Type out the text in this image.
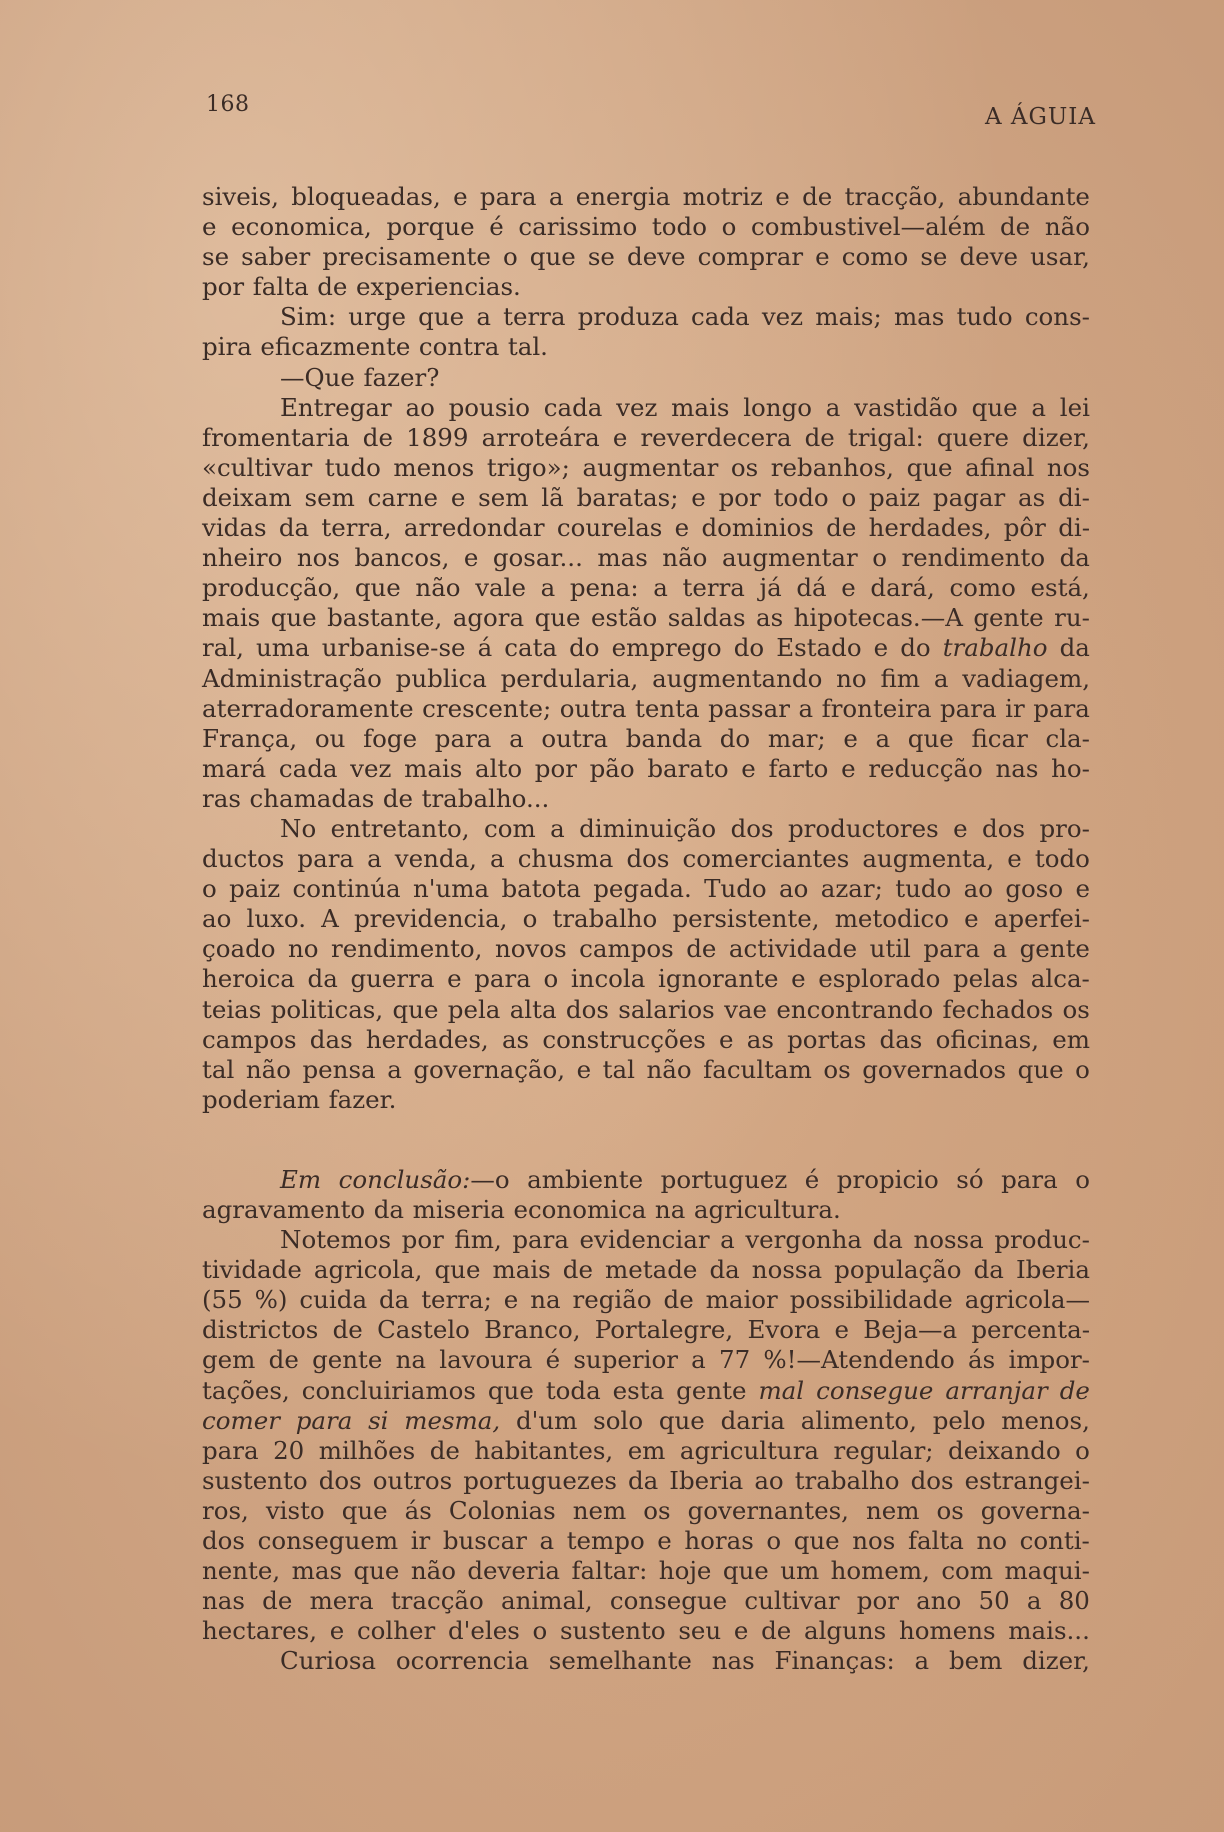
168	A ÁGUIA
siveis, bloqueadas, e para a energia motriz e de tracção, abundante
e economica, porque é carissimo todo o combustivel—além de não
se saber precisamente o que se deve comprar e como se deve usar,
por falta de experiencias.
Sim: urge que a terra produza cada vez mais; mas tudo cons-
pira eficazmente contra tal.
—Que fazer?
Entregar ao pousio cada vez mais longo a vastidão que a lei
fromentaria de 1899 arroteára e reverdecera de trigal: quere dizer,
«cultivar tudo menos trigo»; augmentar os rebanhos, que afinal nos
deixam sem carne e sem lã baratas; e por todo o paiz pagar as di-
vidas da terra, arredondar courelas e dominios de herdades, pôr di-
nheiro nos bancos, e gosar... mas não augmentar o rendimento da
producção, que não vale a pena: a terra já dá e dará, como está,
mais que bastante, agora que estão saldas as hipotecas.—A gente ru-
ral, uma urbanise-se á cata do emprego do Estado e do trabalho da
Administração publica perdularia, augmentando no fim a vadiagem,
aterradoramente crescente; outra tenta passar a fronteira para ir para
França, ou foge para a outra banda do mar; e a que ficar cla-
mará cada vez mais alto por pão barato e farto e reducção nas ho-
ras chamadas de trabalho...
No entretanto, com a diminuição dos productores e dos pro-
ductos para a venda, a chusma dos comerciantes augmenta, e todo
o paiz continúa n'uma batota pegada. Tudo ao azar; tudo ao goso e
ao luxo. A previdencia, o trabalho persistente, metodico e aperfei-
çoado no rendimento, novos campos de actividade util para a gente
heroica da guerra e para o incola ignorante e esplorado pelas alca-
teias politicas, que pela alta dos salarios vae encontrando fechados os
campos das herdades, as construcções e as portas das oficinas, em
tal não pensa a governação, e tal não facultam os governados que o
poderiam fazer.
Em conclusão:—o ambiente portuguez é propicio só para o
agravamento da miseria economica na agricultura.
Notemos por fim, para evidenciar a vergonha da nossa produc-
tividade agricola, que mais de metade da nossa população da Iberia
(55 %) cuida da terra; e na região de maior possibilidade agricola—
districtos de Castelo Branco, Portalegre, Evora e Beja—a percenta-
gem de gente na lavoura é superior a 77 %!—Atendendo ás impor-
tações, concluiriamos que toda esta gente mal consegue arranjar de
comer para si mesma, d'um solo que daria alimento, pelo menos,
para 20 milhões de habitantes, em agricultura regular; deixando o
sustento dos outros portuguezes da Iberia ao trabalho dos estrangei-
ros, visto que ás Colonias nem os governantes, nem os governa-
dos conseguem ir buscar a tempo e horas o que nos falta no conti-
nente, mas que não deveria faltar: hoje que um homem, com maqui-
nas de mera tracção animal, consegue cultivar por ano 50 a 80
hectares, e colher d'eles o sustento seu e de alguns homens mais...
Curiosa ocorrencia semelhante nas Finanças: a bem dizer,
